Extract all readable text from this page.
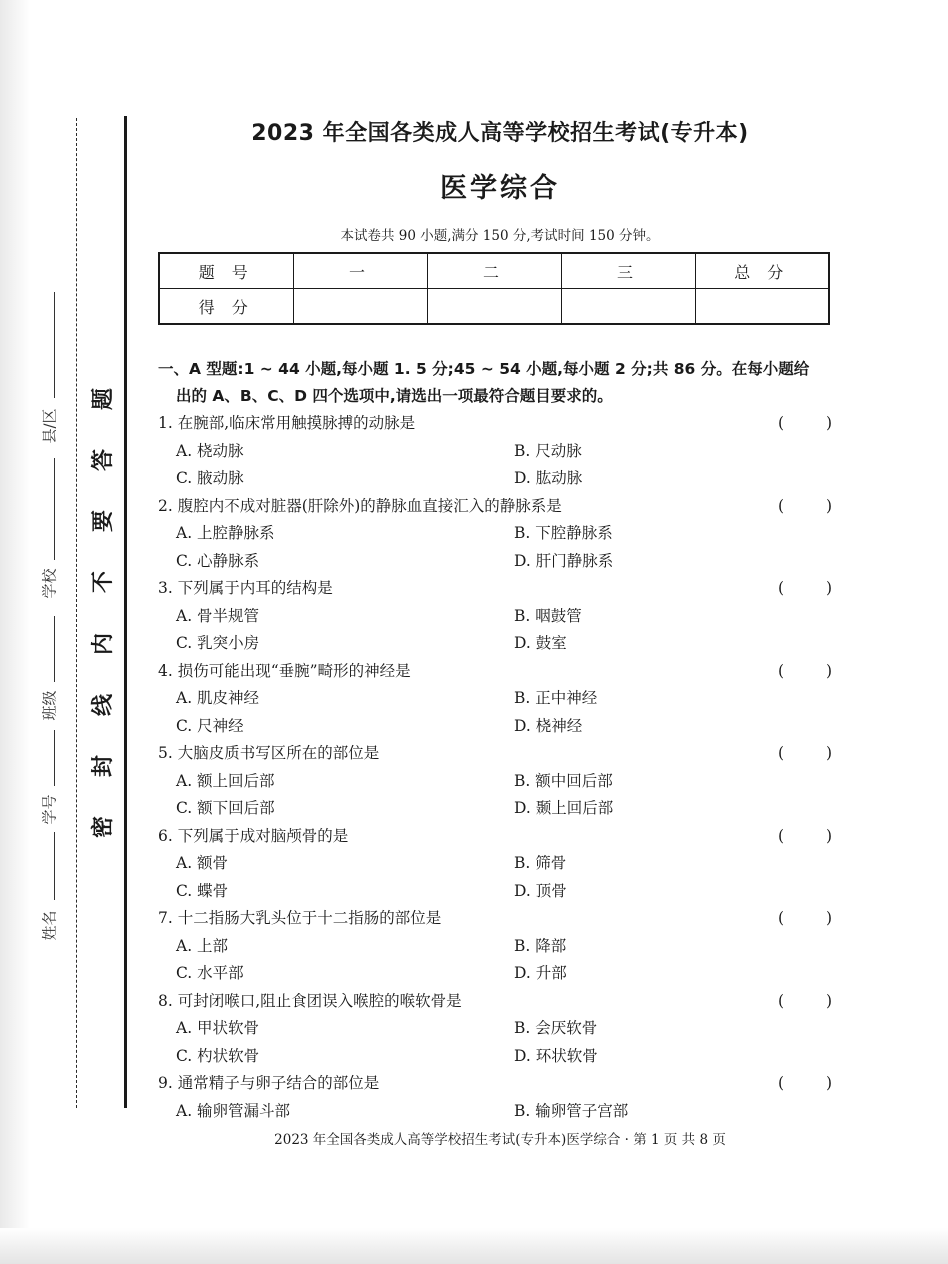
题
答
要
不
内
线
封
密
姓名
学号
班级
学校
县/区
2023 年全国各类成人高等学校招生考试(专升本)
医学综合
本试卷共 90 小题,满分 150 分,考试时间 150 分钟。
题 号	一	二	三	总 分
得 分				
一、A 型题:1 ~ 44 小题,每小题 1. 5 分;45 ~ 54 小题,每小题 2 分;共 86 分。在每小题给
出的 A、B、C、D 四个选项中,请选出一项最符合题目要求的。
1. 在腕部,临床常用触摸脉搏的动脉是	(	)
A. 桡动脉	B. 尺动脉
C. 腋动脉	D. 肱动脉
2. 腹腔内不成对脏器(肝除外)的静脉血直接汇入的静脉系是	(	)
A. 上腔静脉系	B. 下腔静脉系
C. 心静脉系	D. 肝门静脉系
3. 下列属于内耳的结构是	(	)
A. 骨半规管	B. 咽鼓管
C. 乳突小房	D. 鼓室
4. 损伤可能出现“垂腕”畸形的神经是	(	)
A. 肌皮神经	B. 正中神经
C. 尺神经	D. 桡神经
5. 大脑皮质书写区所在的部位是	(	)
A. 额上回后部	B. 额中回后部
C. 额下回后部	D. 颞上回后部
6. 下列属于成对脑颅骨的是	(	)
A. 额骨	B. 筛骨
C. 蝶骨	D. 顶骨
7. 十二指肠大乳头位于十二指肠的部位是	(	)
A. 上部	B. 降部
C. 水平部	D. 升部
8. 可封闭喉口,阻止食团误入喉腔的喉软骨是	(	)
A. 甲状软骨	B. 会厌软骨
C. 杓状软骨	D. 环状软骨
9. 通常精子与卵子结合的部位是	(	)
A. 输卵管漏斗部	B. 输卵管子宫部
2023 年全国各类成人高等学校招生考试(专升本)医学综合 · 第 1 页 共 8 页
